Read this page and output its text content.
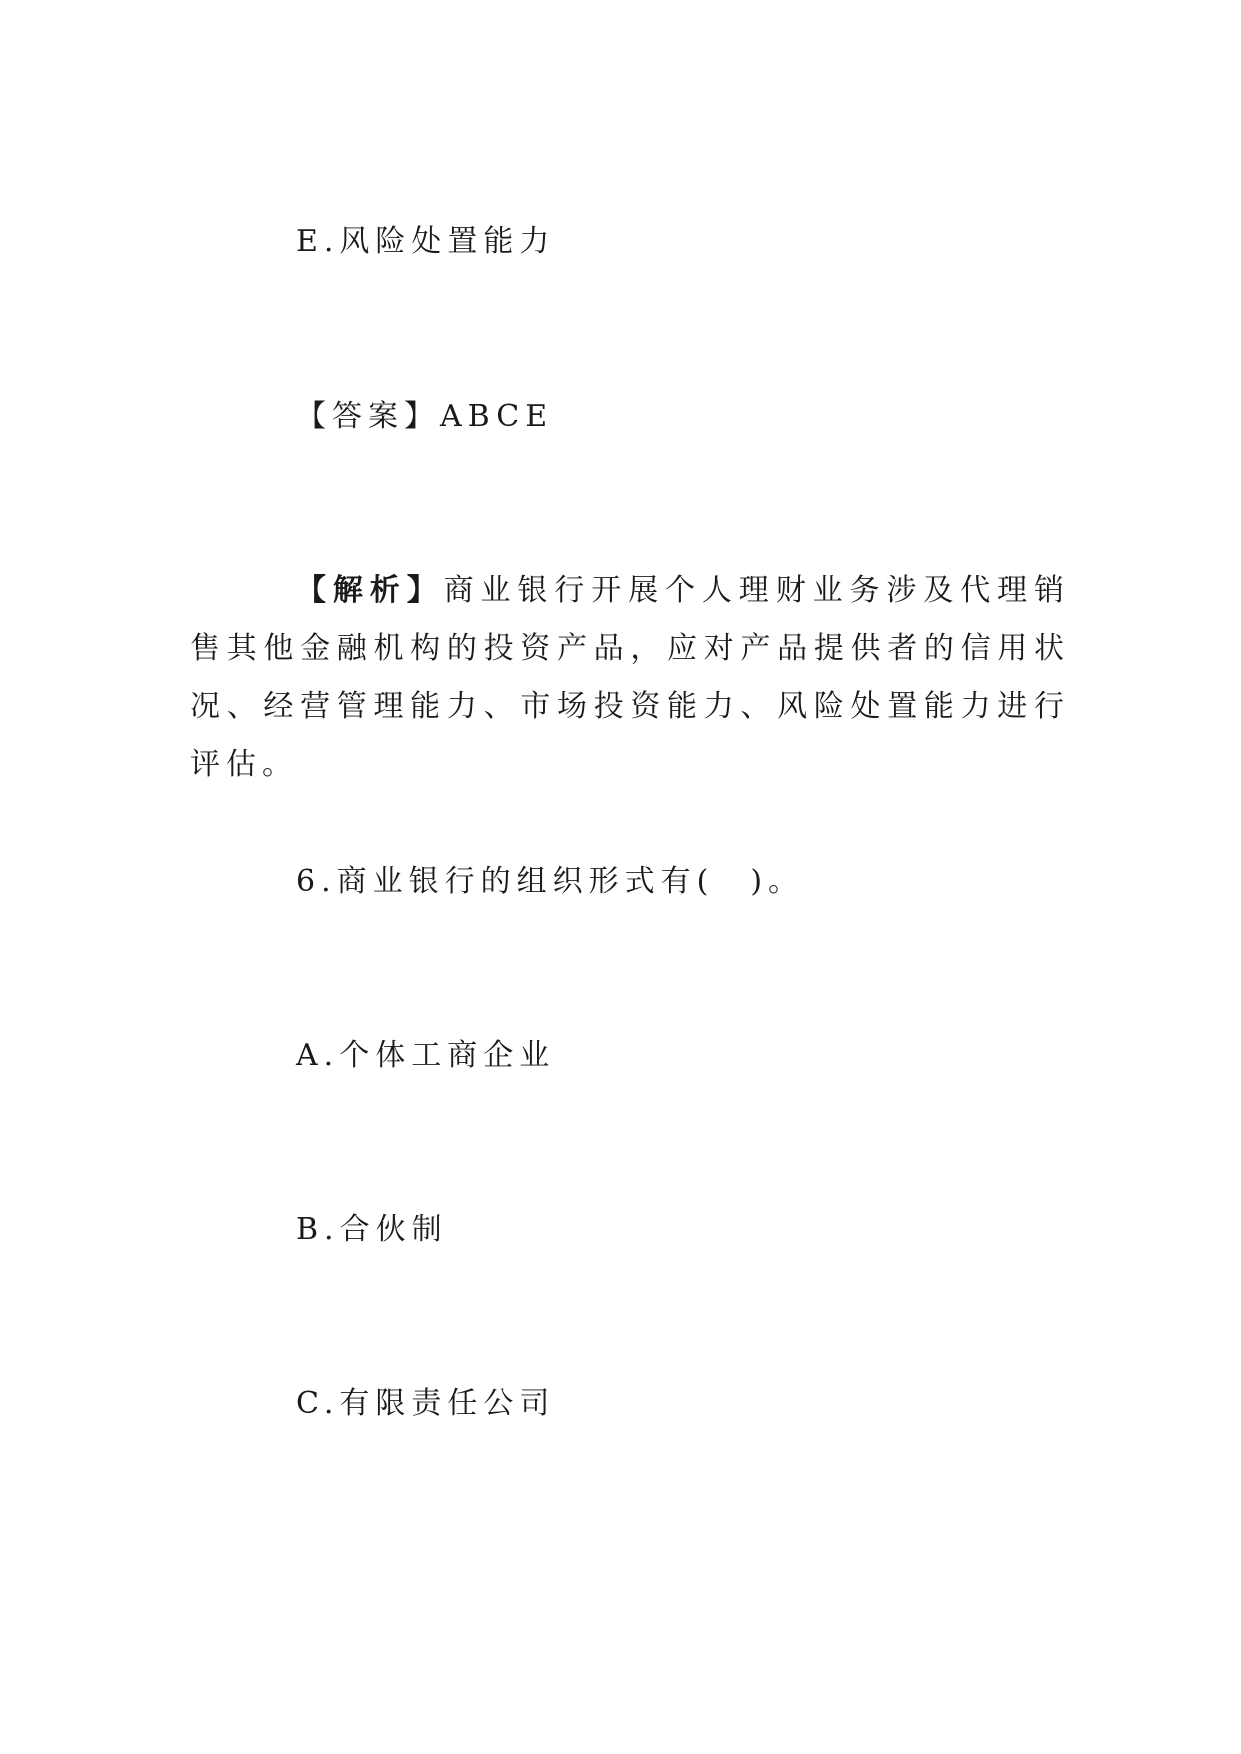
E.风险处置能力
【答案】ABCE
【解析】商业银行开展个人理财业务涉及代理销售其他金融机构的投资产品，应对产品提供者的信用状况、经营管理能力、市场投资能力、风险处置能力进行评估。
6.商业银行的组织形式有(　)。
A.个体工商企业
B.合伙制
C.有限责任公司
